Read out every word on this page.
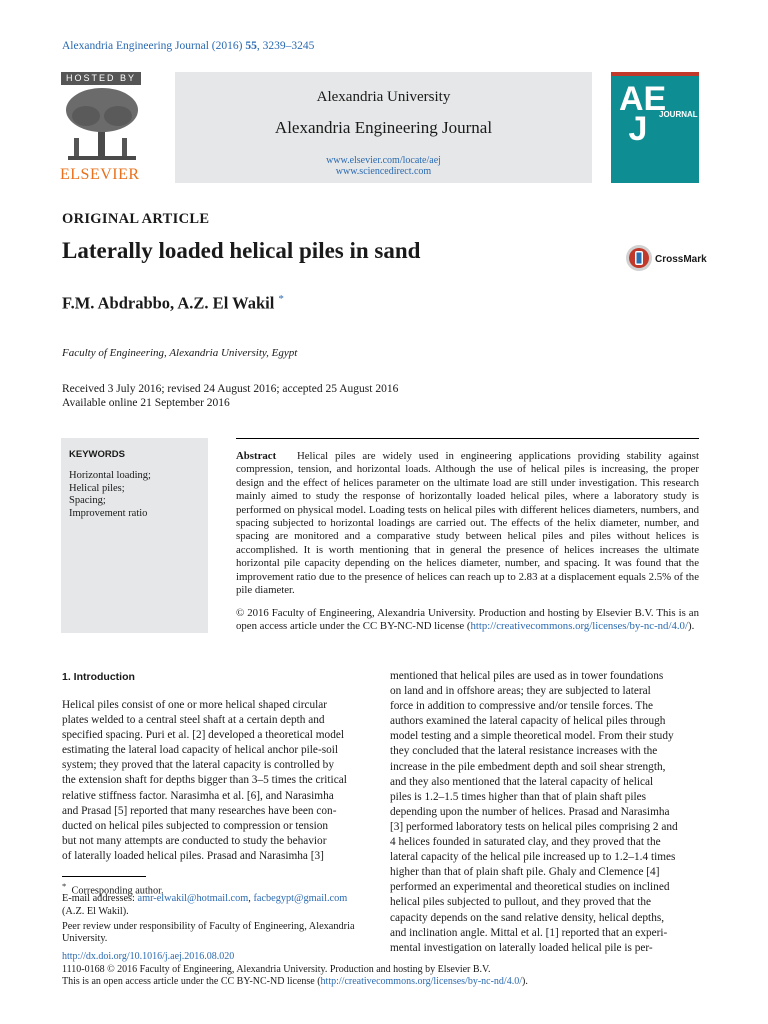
Alexandria Engineering Journal (2016) 55, 3239–3245
HOSTED BY
ELSEVIER
Alexandria University
Alexandria Engineering Journal
www.elsevier.com/locate/aej
www.sciencedirect.com
AE
J	JOURNAL
ORIGINAL ARTICLE
Laterally loaded helical piles in sand	CrossMark
F.M. Abdrabbo, A.Z. El Wakil *
Faculty of Engineering, Alexandria University, Egypt
Received 3 July 2016; revised 24 August 2016; accepted 25 August 2016
Available online 21 September 2016
KEYWORDS
Horizontal loading;
Helical piles;
Spacing;
Improvement ratio
Abstract Helical piles are widely used in engineering applications providing stability against compression, tension, and horizontal loads. Although the use of helical piles is increasing, the proper design and the effect of helices parameter on the ultimate load are still under investigation. This research mainly aimed to study the response of horizontally loaded helical piles, where a laboratory study is performed on physical model. Loading tests on helical piles with different helices diameters, numbers, and spacing subjected to horizontal loadings are carried out. The effects of the helix diameter, number, and spacing are monitored and a comparative study between helical piles and piles without helices is accomplished. It is worth mentioning that in general the presence of helices increases the ultimate horizontal pile capacity depending on the helices diameter, number, and spacing. It was found that the improvement ratio due to the presence of helices can reach up to 2.83 at a displacement equals 2.5% of the pile diameter.
© 2016 Faculty of Engineering, Alexandria University. Production and hosting by Elsevier B.V. This is an open access article under the CC BY-NC-ND license (http://creativecommons.org/licenses/by-nc-nd/4.0/).
1. Introduction
Helical piles consist of one or more helical shaped circular
plates welded to a central steel shaft at a certain depth and
specified spacing. Puri et al. [2] developed a theoretical model
estimating the lateral load capacity of helical anchor pile-soil
system; they proved that the lateral capacity is controlled by
the extension shaft for depths bigger than 3–5 times the critical
relative stiffness factor. Narasimha et al. [6], and Narasimha
and Prasad [5] reported that many researches have been con-
ducted on helical piles subjected to compression or tension
but not many attempts are conducted to study the behavior
of laterally loaded helical piles. Prasad and Narasimha [3]
mentioned that helical piles are used as in tower foundations
on land and in offshore areas; they are subjected to lateral
force in addition to compressive and/or tensile forces. The
authors examined the lateral capacity of helical piles through
model testing and a simple theoretical model. From their study
they concluded that the lateral resistance increases with the
increase in the pile embedment depth and soil shear strength,
and they also mentioned that the lateral capacity of helical
piles is 1.2–1.5 times higher than that of plain shaft piles
depending upon the number of helices. Prasad and Narasimha
[3] performed laboratory tests on helical piles comprising 2 and
4 helices founded in saturated clay, and they proved that the
lateral capacity of the helical pile increased up to 1.2–1.4 times
higher than that of plain shaft pile. Ghaly and Clemence [4]
performed an experimental and theoretical studies on inclined
helical piles subjected to pullout, and they proved that the
capacity depends on the sand relative density, helical depths,
and inclination angle. Mittal et al. [1] reported that an experi-
mental investigation on laterally loaded helical pile is per-
* Corresponding author.
E-mail addresses: amr-elwakil@hotmail.com, facbegypt@gmail.com
(A.Z. El Wakil).
Peer review under responsibility of Faculty of Engineering, Alexandria
University.
http://dx.doi.org/10.1016/j.aej.2016.08.020
1110-0168 © 2016 Faculty of Engineering, Alexandria University. Production and hosting by Elsevier B.V.
This is an open access article under the CC BY-NC-ND license (http://creativecommons.org/licenses/by-nc-nd/4.0/).
